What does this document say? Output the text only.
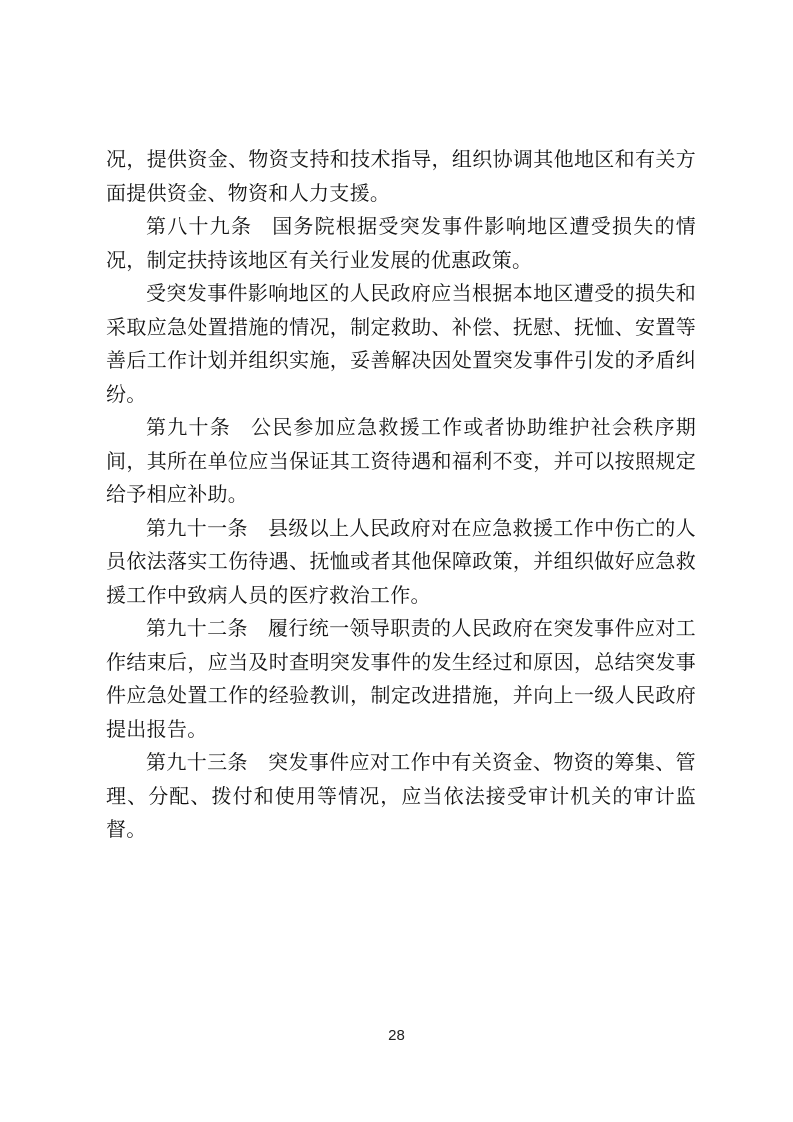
况，提供资金、物资支持和技术指导，组织协调其他地区和有关方面提供资金、物资和人力支援。

第八十九条 国务院根据受突发事件影响地区遭受损失的情况，制定扶持该地区有关行业发展的优惠政策。

受突发事件影响地区的人民政府应当根据本地区遭受的损失和采取应急处置措施的情况，制定救助、补偿、抚慰、抚恤、安置等善后工作计划并组织实施，妥善解决因处置突发事件引发的矛盾纠纷。

第九十条 公民参加应急救援工作或者协助维护社会秩序期间，其所在单位应当保证其工资待遇和福利不变，并可以按照规定给予相应补助。

第九十一条 县级以上人民政府对在应急救援工作中伤亡的人员依法落实工伤待遇、抚恤或者其他保障政策，并组织做好应急救援工作中致病人员的医疗救治工作。

第九十二条 履行统一领导职责的人民政府在突发事件应对工作结束后，应当及时查明突发事件的发生经过和原因，总结突发事件应急处置工作的经验教训，制定改进措施，并向上一级人民政府提出报告。

第九十三条 突发事件应对工作中有关资金、物资的筹集、管理、分配、拨付和使用等情况，应当依法接受审计机关的审计监督。

28
